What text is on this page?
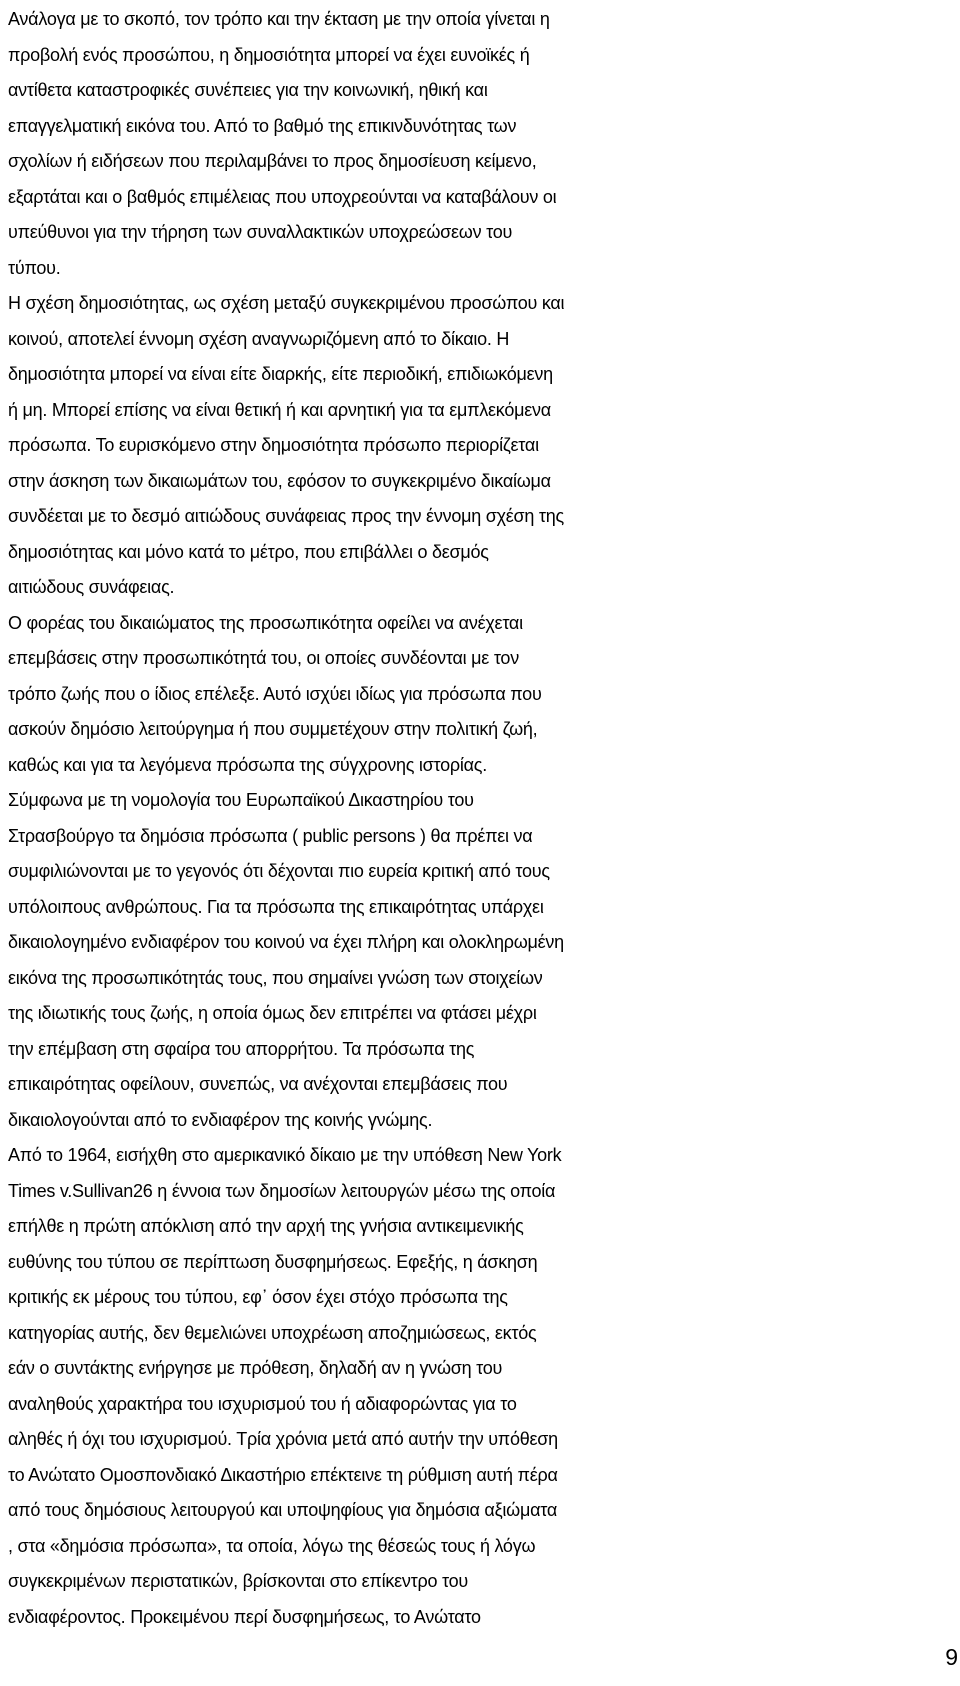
Ανάλογα με το σκοπό, τον τρόπο και την έκταση με την οποία γίνεται η
προβολή ενός προσώπου, η δημοσιότητα μπορεί να έχει ευνοϊκές ή
αντίθετα καταστροφικές συνέπειες για την κοινωνική, ηθική και
επαγγελματική εικόνα του. Από το βαθμό της επικινδυνότητας των
σχολίων ή ειδήσεων που περιλαμβάνει το προς δημοσίευση κείμενο,
εξαρτάται και ο βαθμός επιμέλειας που υποχρεούνται να καταβάλουν οι
υπεύθυνοι για την τήρηση των συναλλακτικών υποχρεώσεων του
τύπου.
Η σχέση δημοσιότητας, ως σχέση μεταξύ συγκεκριμένου προσώπου και
κοινού, αποτελεί έννομη σχέση αναγνωριζόμενη από το δίκαιο. Η
δημοσιότητα μπορεί να είναι είτε διαρκής, είτε περιοδική, επιδιωκόμενη
ή μη. Μπορεί επίσης να είναι θετική ή και αρνητική για τα εμπλεκόμενα
πρόσωπα. Το ευρισκόμενο στην δημοσιότητα πρόσωπο περιορίζεται
στην άσκηση των δικαιωμάτων του, εφόσον το συγκεκριμένο δικαίωμα
συνδέεται με το δεσμό αιτιώδους συνάφειας προς την έννομη σχέση της
δημοσιότητας και μόνο κατά το μέτρο, που επιβάλλει ο δεσμός
αιτιώδους συνάφειας.
Ο φορέας του δικαιώματος της προσωπικότητα οφείλει να ανέχεται
επεμβάσεις στην προσωπικότητά του, οι οποίες συνδέονται με τον
τρόπο ζωής που ο ίδιος επέλεξε. Αυτό ισχύει ιδίως για πρόσωπα που
ασκούν δημόσιο λειτούργημα ή που συμμετέχουν στην πολιτική ζωή,
καθώς και για τα λεγόμενα πρόσωπα της σύγχρονης ιστορίας.
Σύμφωνα με τη νομολογία του Ευρωπαϊκού Δικαστηρίου του
Στρασβούργο τα δημόσια πρόσωπα ( public persons ) θα πρέπει να
συμφιλιώνονται με το γεγονός ότι δέχονται πιο ευρεία κριτική από τους
υπόλοιπους ανθρώπους. Για τα πρόσωπα της επικαιρότητας υπάρχει
δικαιολογημένο ενδιαφέρον του κοινού να έχει πλήρη και ολοκληρωμένη
εικόνα της προσωπικότητάς τους, που σημαίνει γνώση των στοιχείων
της ιδιωτικής τους ζωής, η οποία όμως δεν επιτρέπει να φτάσει μέχρι
την επέμβαση στη σφαίρα του απορρήτου. Τα πρόσωπα της
επικαιρότητας οφείλουν, συνεπώς, να ανέχονται επεμβάσεις που
δικαιολογούνται από το ενδιαφέρον της κοινής γνώμης.
Από το 1964, εισήχθη στο αμερικανικό δίκαιο με την υπόθεση New York
Times v.Sullivan26 η έννοια των δημοσίων λειτουργών μέσω της οποία
επήλθε η πρώτη απόκλιση από την αρχή της γνήσια αντικειμενικής
ευθύνης του τύπου σε περίπτωση δυσφημήσεως. Εφεξής, η άσκηση
κριτικής εκ μέρους του τύπου, εφ᾽ όσον έχει στόχο πρόσωπα της
κατηγορίας αυτής, δεν θεμελιώνει υποχρέωση αποζημιώσεως, εκτός
εάν ο συντάκτης ενήργησε με πρόθεση, δηλαδή αν η γνώση του
αναληθούς χαρακτήρα του ισχυρισμού του ή αδιαφορώντας για το
αληθές ή όχι του ισχυρισμού. Τρία χρόνια μετά από αυτήν την υπόθεση
το Ανώτατο Ομοσπονδιακό Δικαστήριο επέκτεινε τη ρύθμιση αυτή πέρα
από τους δημόσιους λειτουργού και υποψηφίους για δημόσια αξιώματα
, στα «δημόσια πρόσωπα», τα οποία, λόγω της θέσεώς τους ή λόγω
συγκεκριμένων περιστατικών, βρίσκονται στο επίκεντρο του
ενδιαφέροντος. Προκειμένου περί δυσφημήσεως, το Ανώτατο
9
